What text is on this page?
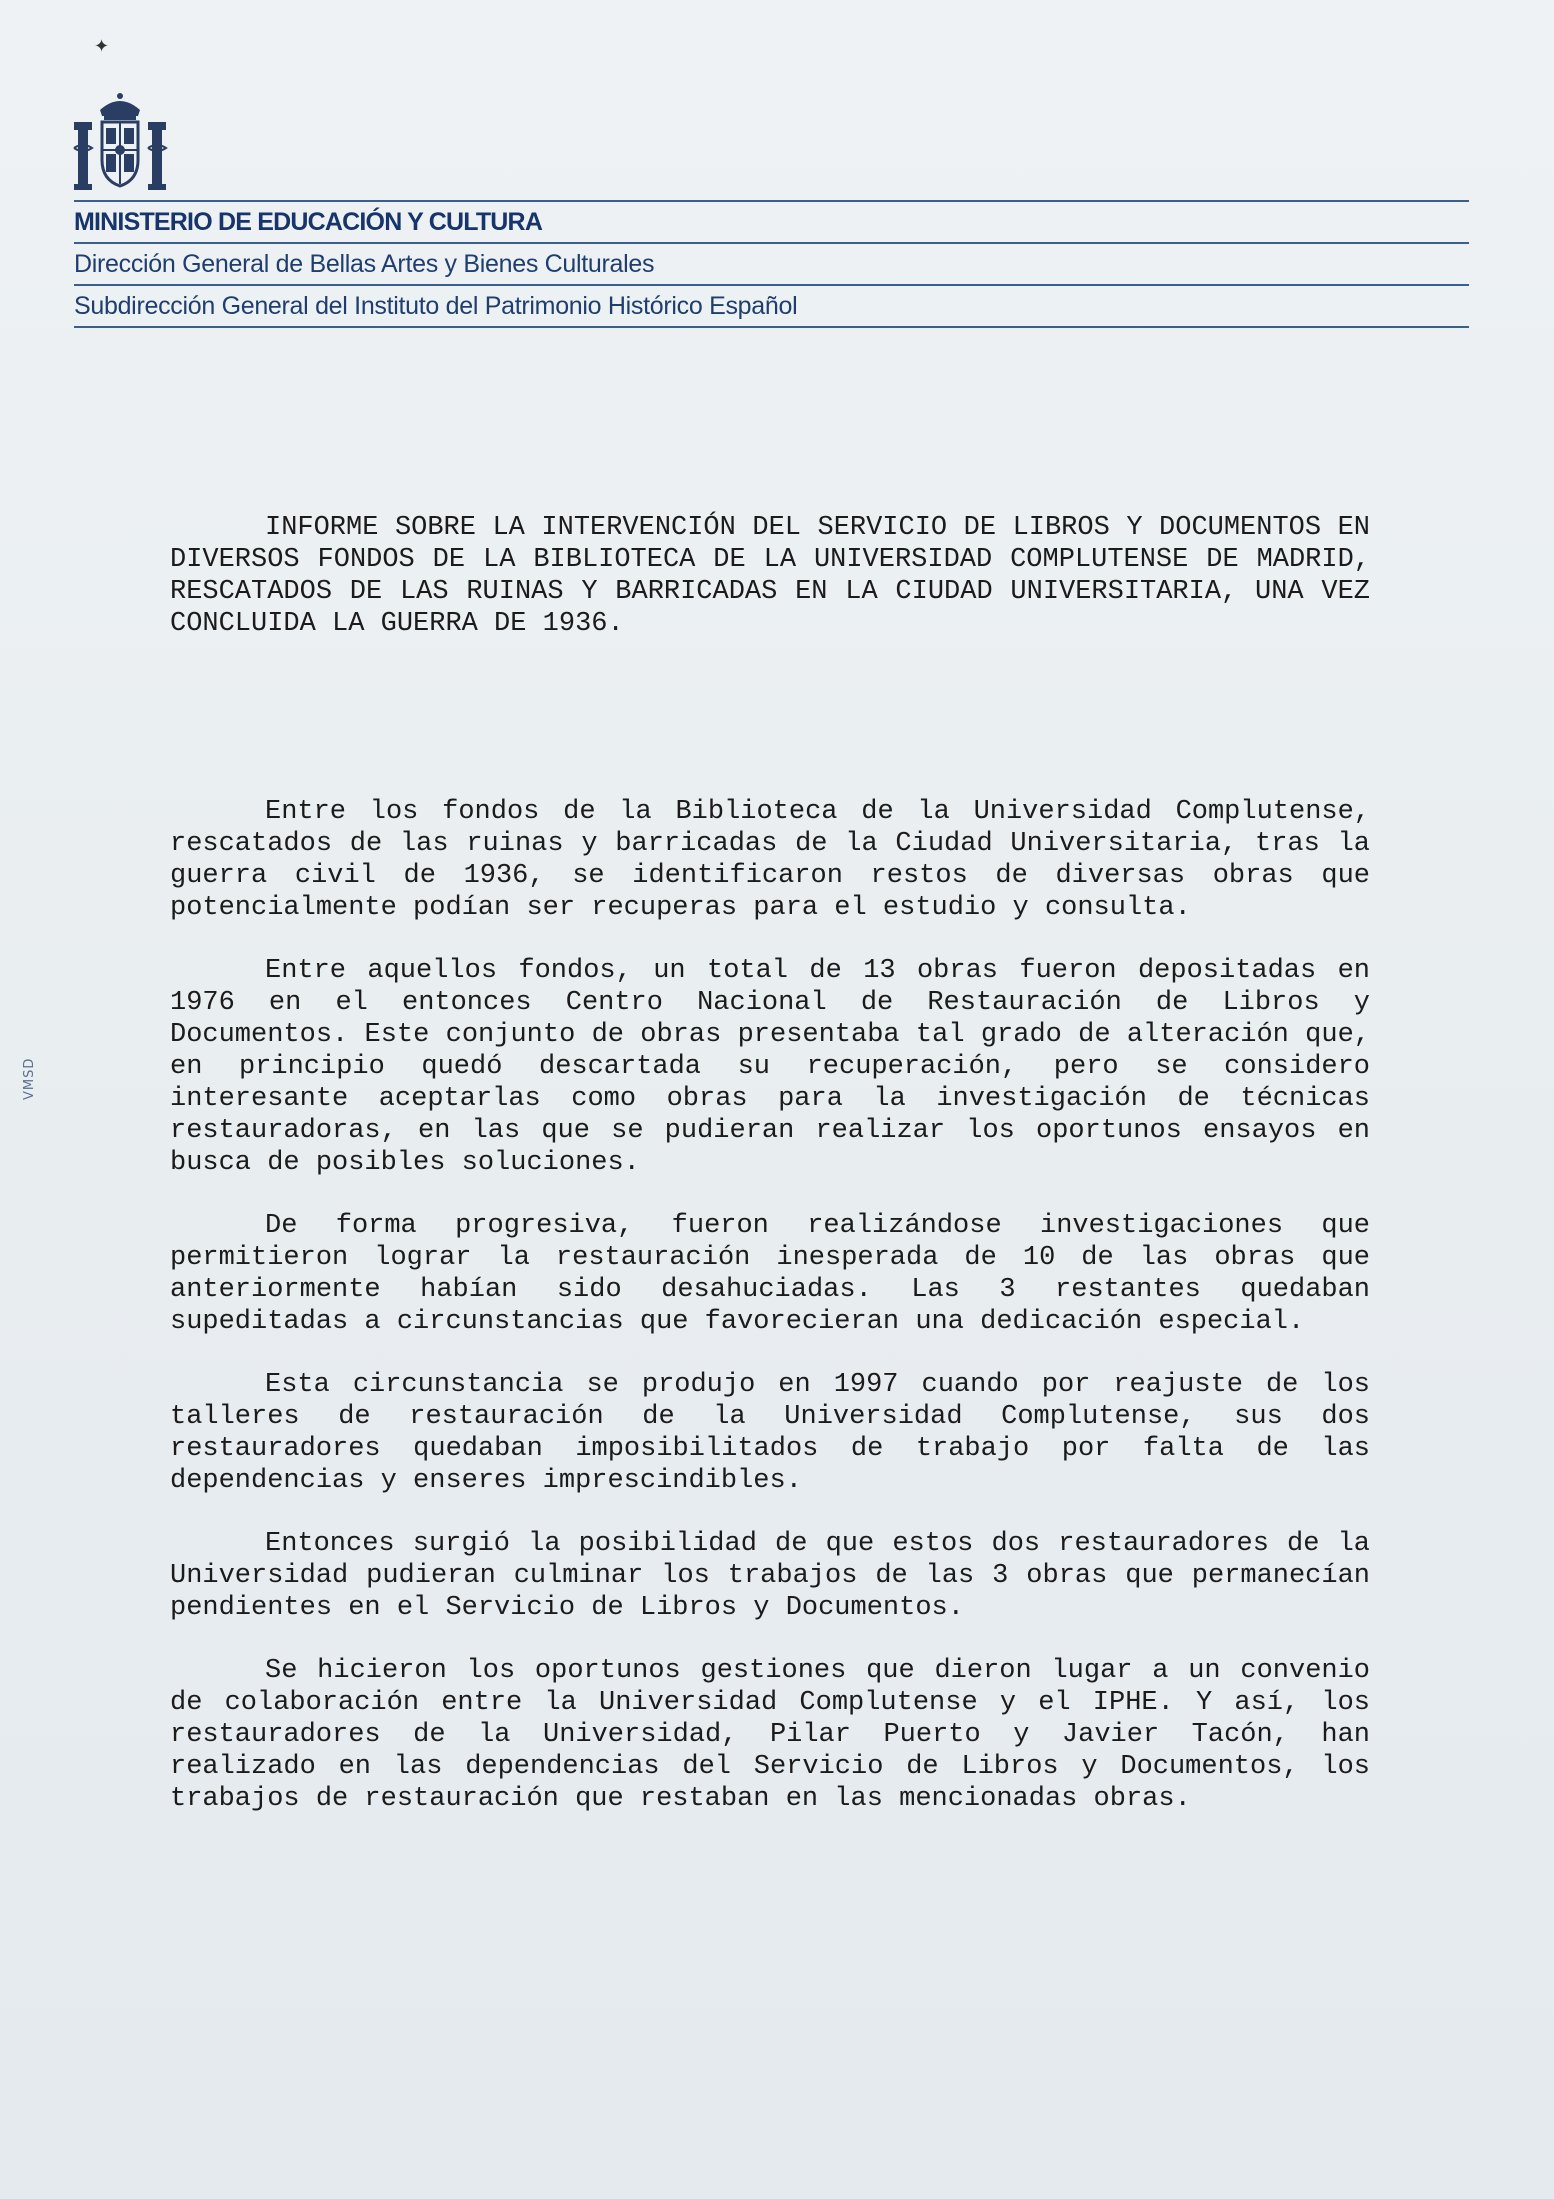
✦
MINISTERIO DE EDUCACIÓN Y CULTURA
Dirección General de Bellas Artes y Bienes Culturales
Subdirección General del Instituto del Patrimonio Histórico Español
VMSD
INFORME SOBRE LA INTERVENCIÓN DEL SERVICIO DE LIBROS Y DOCUMENTOS EN DIVERSOS FONDOS DE LA BIBLIOTECA DE LA UNIVERSIDAD COMPLUTENSE DE MADRID, RESCATADOS DE LAS RUINAS Y BARRICADAS EN LA CIUDAD UNIVERSITARIA, UNA VEZ CONCLUIDA LA GUERRA DE 1936.

Entre los fondos de la Biblioteca de la Universidad Complutense, rescatados de las ruinas y barricadas de la Ciudad Universitaria, tras la guerra civil de 1936, se identificaron restos de diversas obras que potencialmente podían ser recuperas para el estudio y consulta.

Entre aquellos fondos, un total de 13 obras fueron depositadas en 1976 en el entonces Centro Nacional de Restauración de Libros y Documentos. Este conjunto de obras presentaba tal grado de alteración que, en principio quedó descartada su recuperación, pero se considero interesante aceptarlas como obras para la investigación de técnicas restauradoras, en las que se pudieran realizar los oportunos ensayos en busca de posibles soluciones.

De forma progresiva, fueron realizándose investigaciones que permitieron lograr la restauración inesperada de 10 de las obras que anteriormente habían sido desahuciadas. Las 3 restantes quedaban supeditadas a circunstancias que favorecieran una dedicación especial.

Esta circunstancia se produjo en 1997 cuando por reajuste de los talleres de restauración de la Universidad Complutense, sus dos restauradores quedaban imposibilitados de trabajo por falta de las dependencias y enseres imprescindibles.

Entonces surgió la posibilidad de que estos dos restauradores de la Universidad pudieran culminar los trabajos de las 3 obras que permanecían pendientes en el Servicio de Libros y Documentos.

Se hicieron los oportunos gestiones que dieron lugar a un convenio de colaboración entre la Universidad Complutense y el IPHE. Y así, los restauradores de la Universidad, Pilar Puerto y Javier Tacón, han realizado en las dependencias del Servicio de Libros y Documentos, los trabajos de restauración que restaban en las mencionadas obras.
